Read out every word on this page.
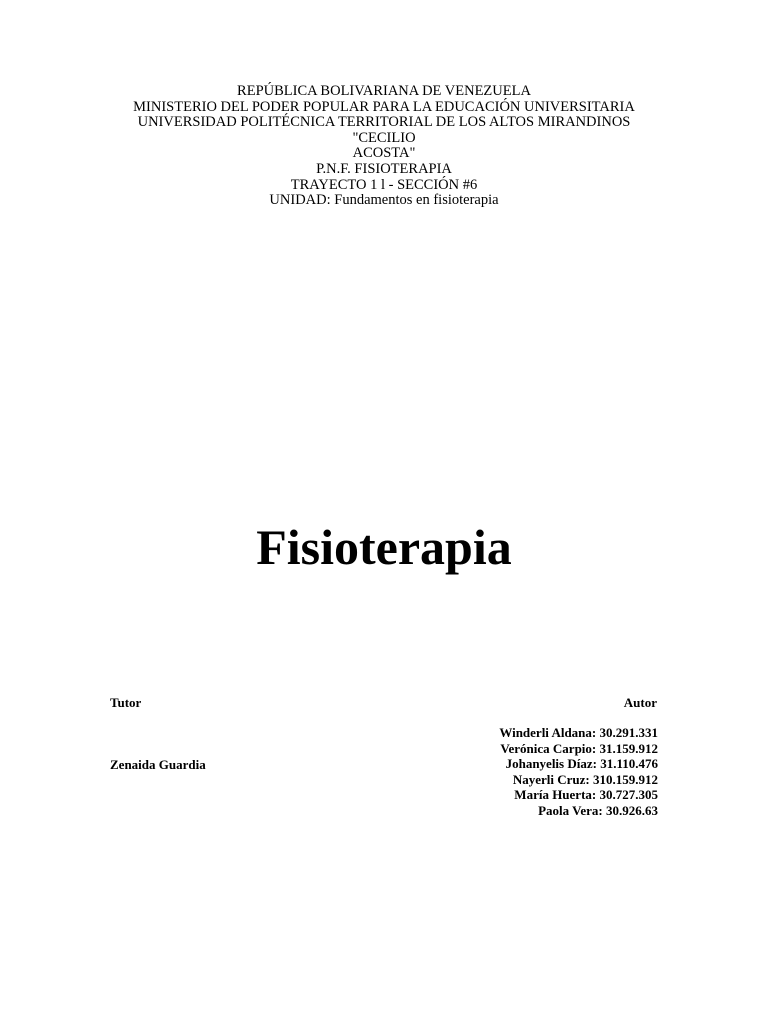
REPÚBLICA BOLIVARIANA DE VENEZUELA
MINISTERIO DEL PODER POPULAR PARA LA EDUCACIÓN UNIVERSITARIA
UNIVERSIDAD POLITÉCNICA TERRITORIAL DE LOS ALTOS MIRANDINOS
"CECILIO
ACOSTA"
P.N.F. FISIOTERAPIA
TRAYECTO 1 l - SECCIÓN #6
UNIDAD: Fundamentos en fisioterapia
Fisioterapia
Tutor
Zenaida Guardia
Autor
Winderli Aldana: 30.291.331
Verónica Carpio: 31.159.912
Johanyelis Díaz: 31.110.476
Nayerli Cruz: 310.159.912
María Huerta: 30.727.305
Paola Vera: 30.926.63
